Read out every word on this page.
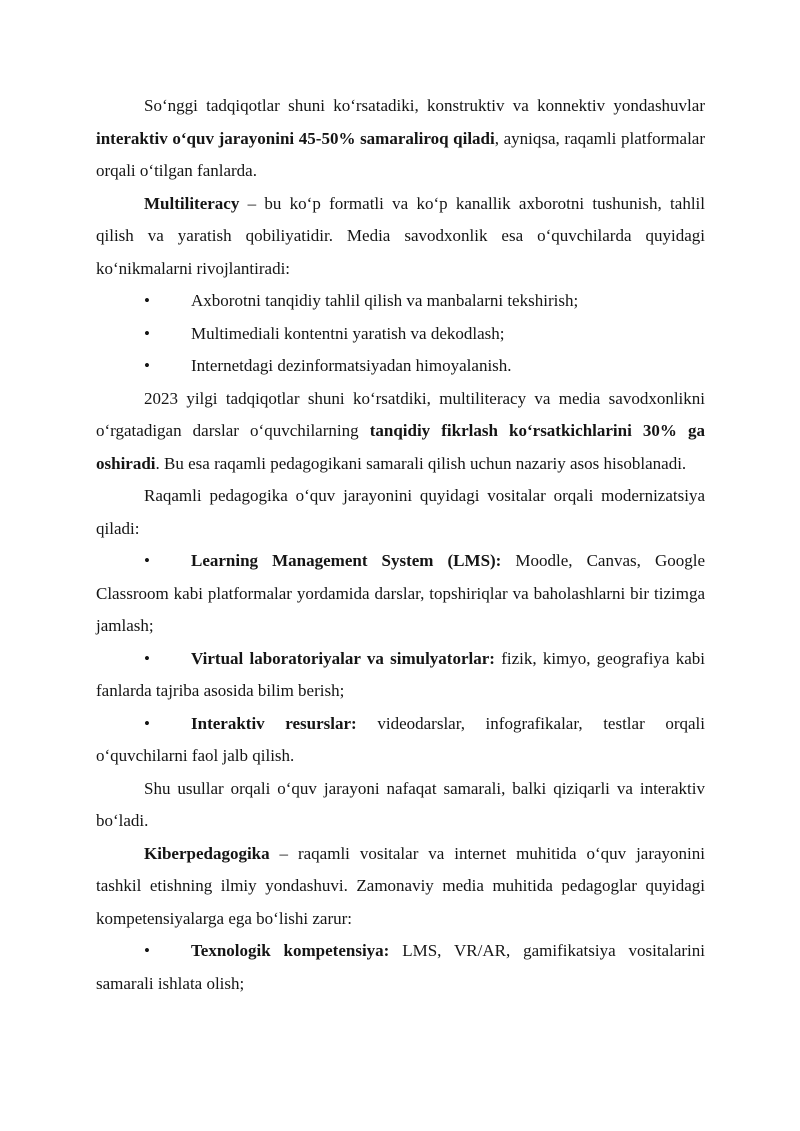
So‘nggi tadqiqotlar shuni ko‘rsatadiki, konstruktiv va konnektiv yondashuvlar interaktiv o‘quv jarayonini 45-50% samaraliroq qiladi, ayniqsa, raqamli platformalar orqali o‘tilgan fanlarda.

Multiliteracy – bu ko‘p formatli va ko‘p kanallik axborotni tushunish, tahlil qilish va yaratish qobiliyatidir. Media savodxonlik esa o‘quvchilarda quyidagi ko‘nikmalarni rivojlantiradi:

• Axborotni tanqidiy tahlil qilish va manbalarni tekshirish;

• Multimediali kontentni yaratish va dekodlash;

• Internetdagi dezinformatsiyadan himoyalanish.

2023 yilgi tadqiqotlar shuni ko‘rsatdiki, multiliteracy va media savodxonlikni o‘rgatadigan darslar o‘quvchilarning tanqidiy fikrlash ko‘rsatkichlarini 30% ga oshiradi. Bu esa raqamli pedagogikani samarali qilish uchun nazariy asos hisoblanadi.

Raqamli pedagogika o‘quv jarayonini quyidagi vositalar orqali modernizatsiya qiladi:

• Learning Management System (LMS): Moodle, Canvas, Google Classroom kabi platformalar yordamida darslar, topshiriqlar va baholashlarni bir tizimga jamlash;

• Virtual laboratoriyalar va simulyatorlar: fizik, kimyo, geografiya kabi fanlarda tajriba asosida bilim berish;

• Interaktiv resurslar: videodarslar, infografikalar, testlar orqali o‘quvchilarni faol jalb qilish.

Shu usullar orqali o‘quv jarayoni nafaqat samarali, balki qiziqarli va interaktiv bo‘ladi.

Kiberpedagogika – raqamli vositalar va internet muhitida o‘quv jarayonini tashkil etishning ilmiy yondashuvi. Zamonaviy media muhitida pedagoglar quyidagi kompetensiyalarga ega bo‘lishi zarur:

• Texnologik kompetensiya: LMS, VR/AR, gamifikatsiya vositalarini samarali ishlata olish;
